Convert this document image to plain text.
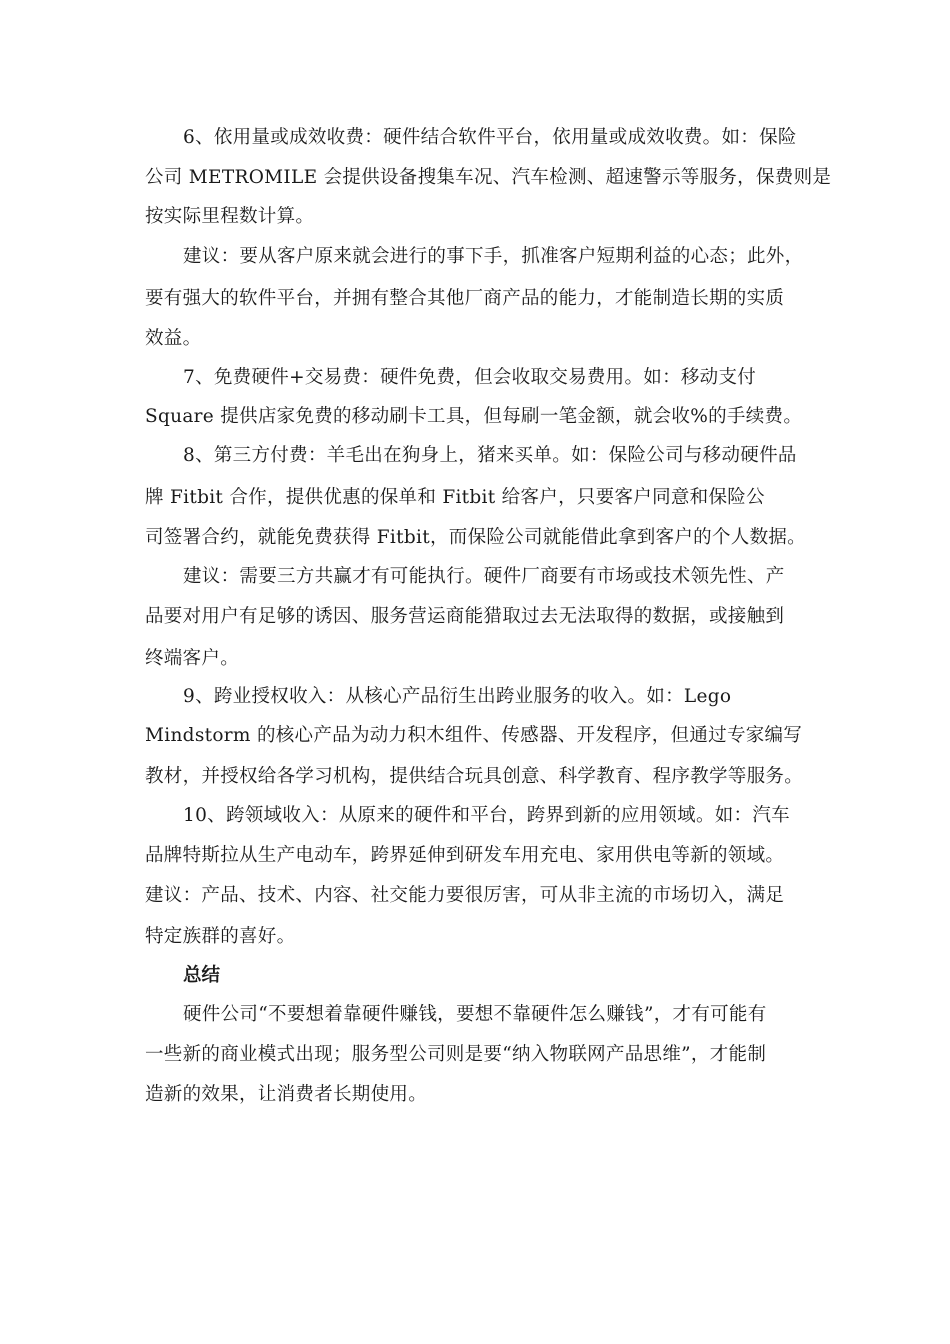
6、依用量或成效收费：硬件结合软件平台，依用量或成效收费。如：保险
公司 METROMILE 会提供设备搜集车况、汽车检测、超速警示等服务，保费则是
按实际里程数计算。
建议：要从客户原来就会进行的事下手，抓准客户短期利益的心态；此外，
要有强大的软件平台，并拥有整合其他厂商产品的能力，才能制造长期的实质
效益。
7、免费硬件+交易费：硬件免费，但会收取交易费用。如：移动支付
Square 提供店家免费的移动刷卡工具，但每刷一笔金额，就会收%的手续费。
8、第三方付费：羊毛出在狗身上，猪来买单。如：保险公司与移动硬件品
牌 Fitbit 合作，提供优惠的保单和 Fitbit 给客户，只要客户同意和保险公
司签署合约，就能免费获得 Fitbit，而保险公司就能借此拿到客户的个人数据。
建议：需要三方共赢才有可能执行。硬件厂商要有市场或技术领先性、产
品要对用户有足够的诱因、服务营运商能猎取过去无法取得的数据，或接触到
终端客户。
9、跨业授权收入：从核心产品衍生出跨业服务的收入。如：Lego
Mindstorm 的核心产品为动力积木组件、传感器、开发程序，但通过专家编写
教材，并授权给各学习机构，提供结合玩具创意、科学教育、程序教学等服务。
10、跨领域收入：从原来的硬件和平台，跨界到新的应用领域。如：汽车
品牌特斯拉从生产电动车，跨界延伸到研发车用充电、家用供电等新的领域。
建议：产品、技术、内容、社交能力要很厉害，可从非主流的市场切入，满足
特定族群的喜好。
总结
硬件公司“不要想着靠硬件赚钱，要想不靠硬件怎么赚钱”，才有可能有
一些新的商业模式出现；服务型公司则是要“纳入物联网产品思维”，才能制
造新的效果，让消费者长期使用。
